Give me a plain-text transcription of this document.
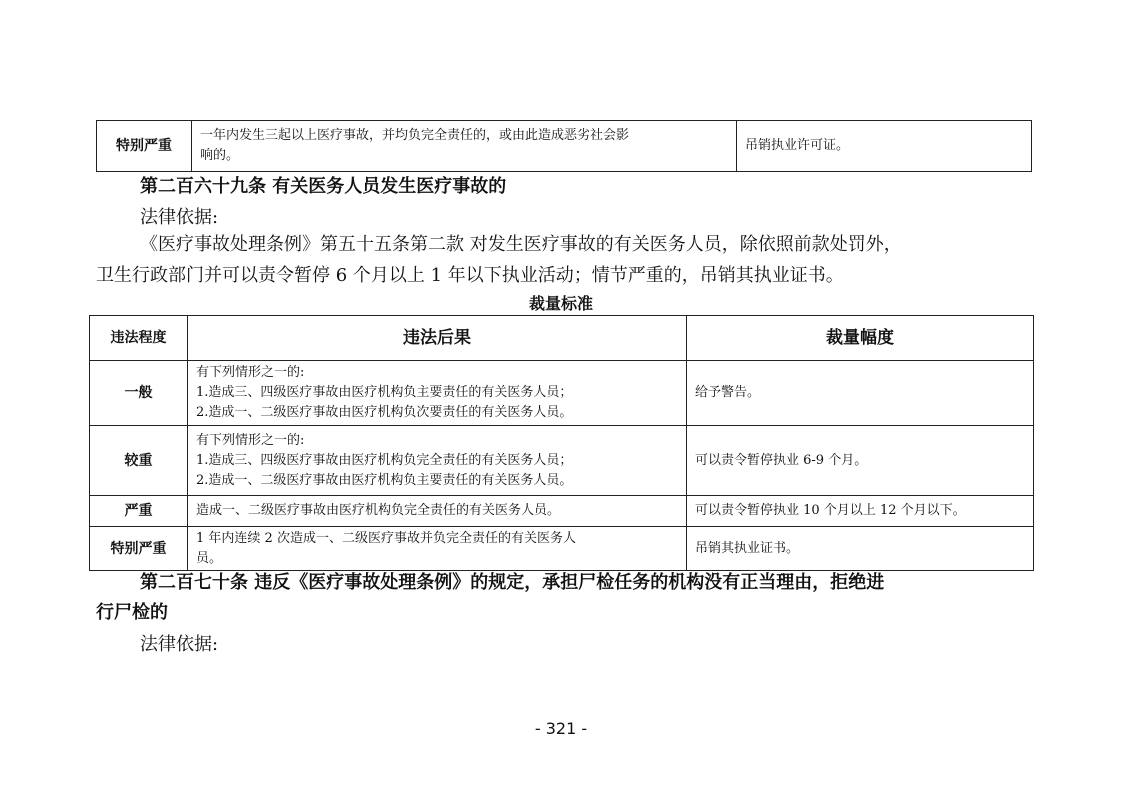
特别严重	
一年内发生三起以上医疗事故，并均负完全责任的，或由此造成恶劣社会影
响的。
	吊销执业许可证。
第二百六十九条 有关医务人员发生医疗事故的
法律依据:
《医疗事故处理条例》第五十五条第二款 对发生医疗事故的有关医务人员，除依照前款处罚外，
卫生行政部门并可以责令暂停 6 个月以上 1 年以下执业活动；情节严重的，吊销其执业证书。
裁量标准
违法程度	违法后果	裁量幅度
一般	有下列情形之一的:
1.造成三、四级医疗事故由医疗机构负主要责任的有关医务人员；
2.造成一、二级医疗事故由医疗机构负次要责任的有关医务人员。	给予警告。
较重	有下列情形之一的:
1.造成三、四级医疗事故由医疗机构负完全责任的有关医务人员；
2.造成一、二级医疗事故由医疗机构负主要责任的有关医务人员。	可以责令暂停执业 6-9 个月。
严重	造成一、二级医疗事故由医疗机构负完全责任的有关医务人员。	可以责令暂停执业 10 个月以上 12 个月以下。
特别严重	1 年内连续 2 次造成一、二级医疗事故并负完全责任的有关医务人
员。	吊销其执业证书。
第二百七十条 违反《医疗事故处理条例》的规定，承担尸检任务的机构没有正当理由，拒绝进
行尸检的
法律依据:
- 321 -
